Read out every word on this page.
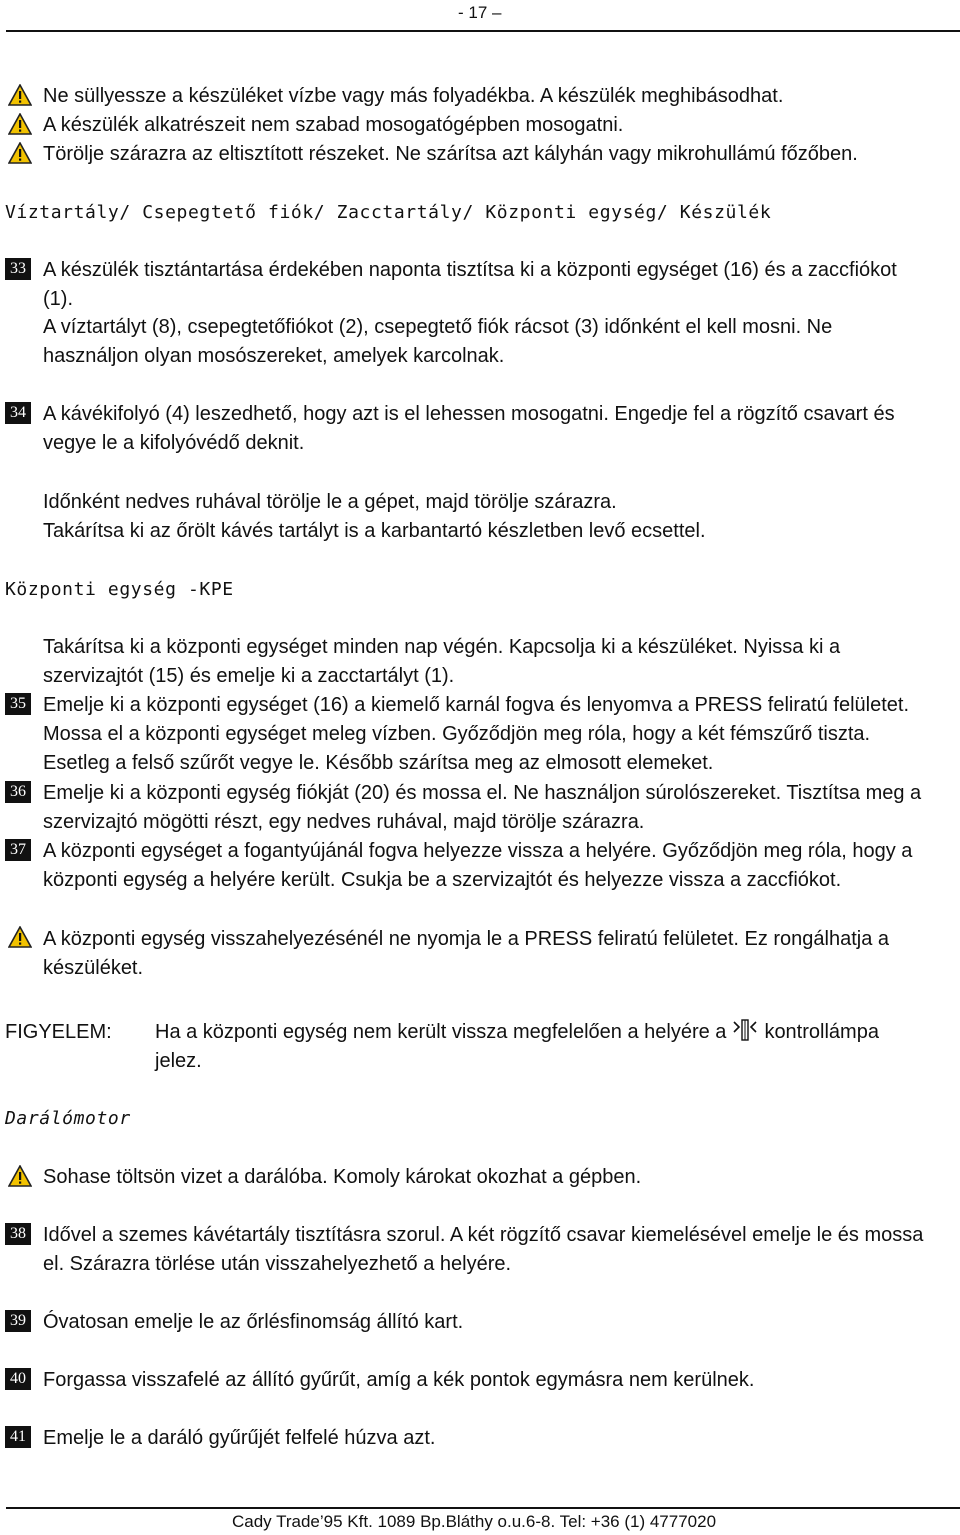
- 17 –
Ne süllyessze a készüléket vízbe vagy más folyadékba. A készülék meghibásodhat.
A készülék alkatrészeit nem szabad mosogatógépben mosogatni.
Törölje szárazra az eltisztított részeket. Ne szárítsa azt kályhán vagy mikrohullámú főzőben.
Víztartály/ Csepegtető fiók/ Zacctartály/ Központi egység/ Készülék
33 A készülék tisztántartása érdekében naponta tisztítsa ki a központi egységet (16) és a zaccfiókot
(1).
A víztartályt (8), csepegtetőfiókot (2), csepegtető fiók rácsot (3) időnként el kell mosni. Ne
használjon olyan mosószereket, amelyek karcolnak.
34 A kávékifolyó (4) leszedhető, hogy azt is el lehessen mosogatni. Engedje fel a rögzítő csavart és
vegye le a kifolyóvédő deknit.
Időnként nedves ruhával törölje le a gépet, majd törölje szárazra.
Takárítsa ki az őrölt kávés tartályt is a karbantartó készletben levő ecsettel.
Központi egység -KPE
Takárítsa ki a központi egységet minden nap végén. Kapcsolja ki a készüléket. Nyissa ki a
szervizajtót (15) és emelje ki a zacctartályt (1).
35 Emelje ki a központi egységet (16) a kiemelő karnál fogva és lenyomva a PRESS feliratú felületet.
Mossa el a központi egységet meleg vízben. Győződjön meg róla, hogy a két fémszűrő tiszta.
Esetleg a felső szűrőt vegye le. Később szárítsa meg az elmosott elemeket.
36 Emelje ki a központi egység fiókját (20) és mossa el. Ne használjon súrolószereket. Tisztítsa meg a
szervizajtó mögötti részt, egy nedves ruhával, majd törölje szárazra.
37 A központi egységet a fogantyújánál fogva helyezze vissza a helyére. Győződjön meg róla, hogy a
központi egység a helyére került. Csukja be a szervizajtót és helyezze vissza a zaccfiókot.
A központi egység visszahelyezésénél ne nyomja le a PRESS feliratú felületet. Ez rongálhatja a
készüléket.
FIGYELEM: Ha a központi egység nem került vissza megfelelően a helyére a kontrollámpa
jelez.
Darálómotor
Sohase töltsön vizet a darálóba. Komoly károkat okozhat a gépben.
38 Idővel a szemes kávétartály tisztításra szorul. A két rögzítő csavar kiemelésével emelje le és mossa
el. Szárazra törlése után visszahelyezhető a helyére.
39 Óvatosan emelje le az őrlésfinomság állító kart.
40 Forgassa visszafelé az állító gyűrűt, amíg a kék pontok egymásra nem kerülnek.
41 Emelje le a daráló gyűrűjét felfelé húzva azt.
Cady Trade’95 Kft. 1089 Bp.Bláthy o.u.6-8. Tel: +36 (1) 4777020
